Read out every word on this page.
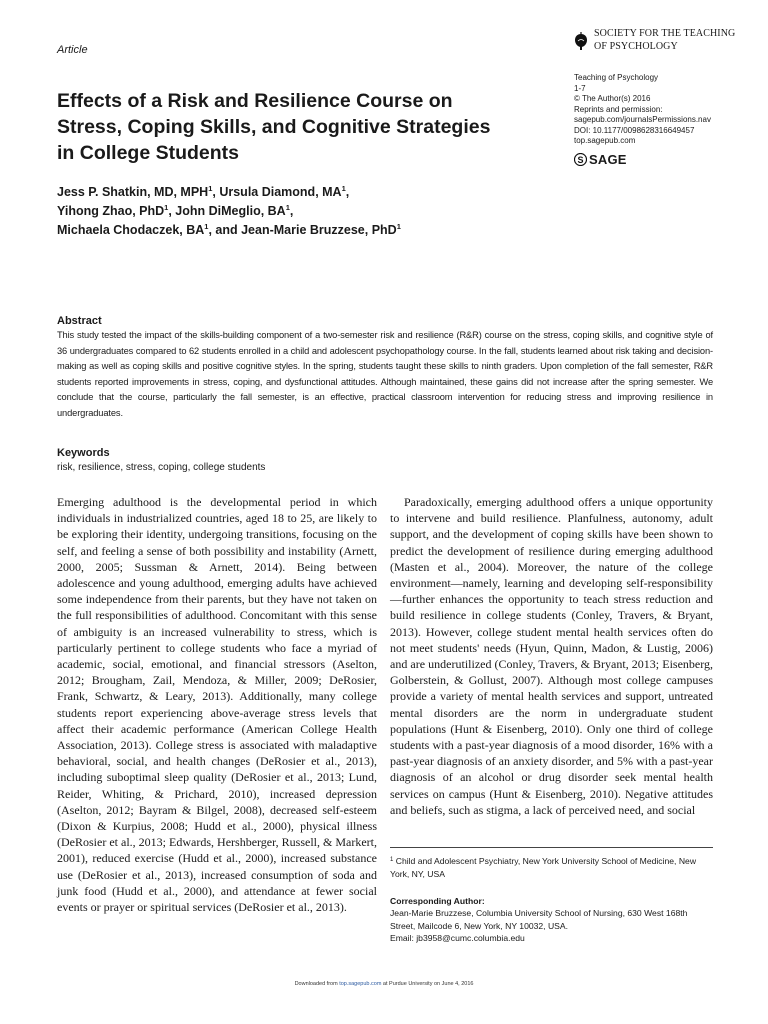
Article
SOCIETY FOR THE TEACHING
OF PSYCHOLOGY
Effects of a Risk and Resilience Course on Stress, Coping Skills, and Cognitive Strategies in College Students
Teaching of Psychology
1-7
© The Author(s) 2016
Reprints and permission:
sagepub.com/journalsPermissions.nav
DOI: 10.1177/0098628316649457
top.sagepub.com
S SAGE
Jess P. Shatkin, MD, MPH$^1$, Ursula Diamond, $MA^1$,
Yihong Zhao, PhD$^1$, John DiMeglio, $BA^1$,
Michaela Chodaczek, $BA^1$, and Jean-Marie Bruzzese, PhD$^1$
Abstract

This study tested the impact of the skills-building component of a two-semester risk and resilience (R&R) course on the stress, coping skills, and cognitive style of 36 undergraduates compared to 62 students enrolled in a child and adolescent psychopathology course. In the fall, students learned about risk taking and decision-making as well as coping skills and positive cognitive styles. In the spring, students taught these skills to ninth graders. Upon completion of the fall semester, R&R students reported improvements in stress, coping, and dysfunctional attitudes. Although maintained, these gains did not increase after the spring semester. We conclude that the course, particularly the fall semester, is an effective, practical classroom intervention for reducing stress and improving resilience in undergraduates.

Keywords
risk, resilience, stress, coping, college students

Emerging adulthood is the developmental period in which individuals in industrialized countries, aged 18 to 25, are likely to be exploring their identity, undergoing transitions, focusing on the self, and feeling a sense of both possibility and instability (Arnett, 2000, 2005; Sussman & Arnett, 2014). Being between adolescence and young adulthood, emerging adults have achieved some independence from their parents, but they have not taken on the full responsibilities of adulthood. Concomitant with this sense of ambiguity is an increased vulnerability to stress, which is particularly pertinent to college students who face a myriad of academic, social, emotional, and financial stressors (Aselton, 2012; Brougham, Zail, Mendoza, & Miller, 2009; DeRosier, Frank, Schwartz, & Leary, 2013). Additionally, many college students report experiencing above-average stress levels that affect their academic performance (American College Health Association, 2013). College stress is associated with maladaptive behavioral, social, and health changes (DeRosier et al., 2013), including suboptimal sleep quality (DeRosier et al., 2013; Lund, Reider, Whiting, & Prichard, 2010), increased depression (Aselton, 2012; Bayram & Bilgel, 2008), decreased self-esteem (Dixon & Kurpius, 2008; Hudd et al., 2000), physical illness (DeRosier et al., 2013; Edwards, Hershberger, Russell, & Markert, 2001), reduced exercise (Hudd et al., 2000), increased substance use (DeRosier et al., 2013), increased consumption of soda and junk food (Hudd et al., 2000), and attendance at fewer social events or prayer or spiritual services (DeRosier et al., 2013).

Paradoxically, emerging adulthood offers a unique opportunity to intervene and build resilience. Planfulness, autonomy, adult support, and the development of coping skills have been shown to predict the development of resilience during emerging adulthood (Masten et al., 2004). Moreover, the nature of the college environment—namely, learning and developing self-responsibility—further enhances the opportunity to teach stress reduction and build resilience in college students (Conley, Travers, & Bryant, 2013). However, college student mental health services often do not meet students' needs (Hyun, Quinn, Madon, & Lustig, 2006) and are underutilized (Conley, Travers, & Bryant, 2013; Eisenberg, Golberstein, & Gollust, 2007). Although most college campuses provide a variety of mental health services and support, untreated mental disorders are the norm in undergraduate student populations (Hunt & Eisenberg, 2010). Only one third of college students with a past-year diagnosis of a mood disorder, 16% with a past-year diagnosis of an anxiety disorder, and 5% with a past-year diagnosis of an alcohol or drug disorder seek mental health services on campus (Hunt & Eisenberg, 2010). Negative attitudes and beliefs, such as stigma, a lack of perceived need, and social

$^1$ Child and Adolescent Psychiatry, New York University School of Medicine, New York, NY, USA
Corresponding Author:
Jean-Marie Bruzzese, Columbia University School of Nursing, 630 West 168th Street, Mailcode 6, New York, NY 10032, USA.
Email: jb3958@cumc.columbia.edu
Downloaded from top.sagepub.com at Purdue University on June 4, 2016
